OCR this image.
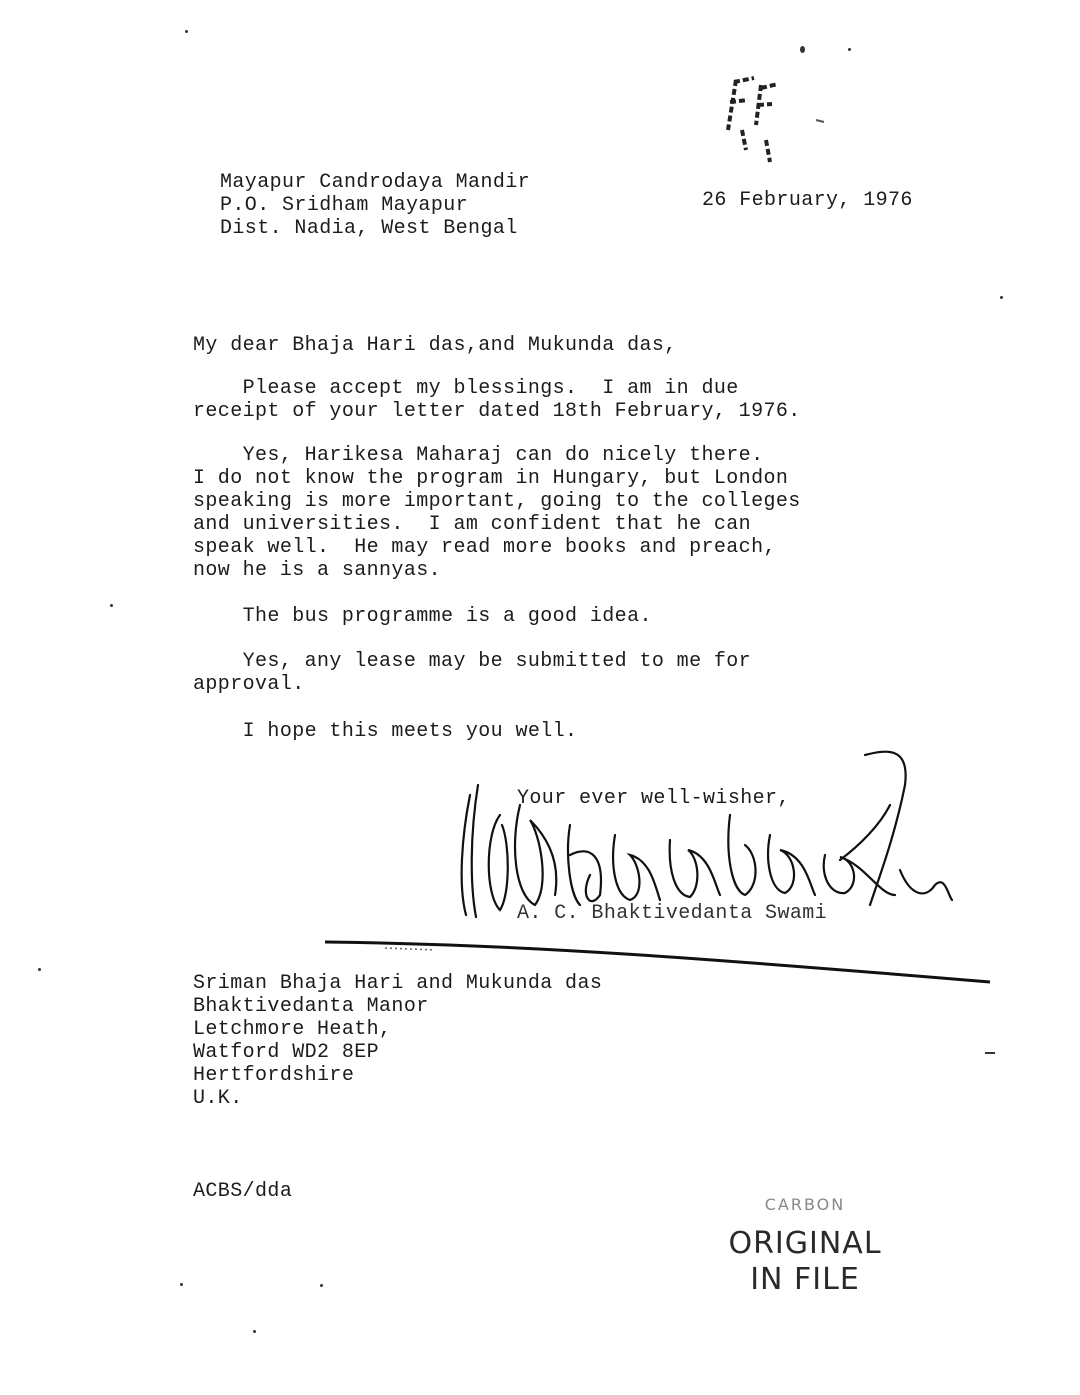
Mayapur Candrodaya Mandir
P.O. Sridham Mayapur
Dist. Nadia, West Bengal
26 February, 1976
My dear Bhaja Hari das,and Mukunda das,
Please accept my blessings.  I am in due
receipt of your letter dated 18th February, 1976.
Yes, Harikesa Maharaj can do nicely there.
I do not know the program in Hungary, but London
speaking is more important, going to the colleges
and universities.  I am confident that he can
speak well.  He may read more books and preach,
now he is a sannyas.
The bus programme is a good idea.
Yes, any lease may be submitted to me for
approval.
I hope this meets you well.
Your ever well-wisher,
A. C. Bhaktivedanta Swami
Sriman Bhaja Hari and Mukunda das
Bhaktivedanta Manor
Letchmore Heath,
Watford WD2 8EP
Hertfordshire
U.K.
ACBS/dda
CARBON
ORIGINAL
IN FILE
